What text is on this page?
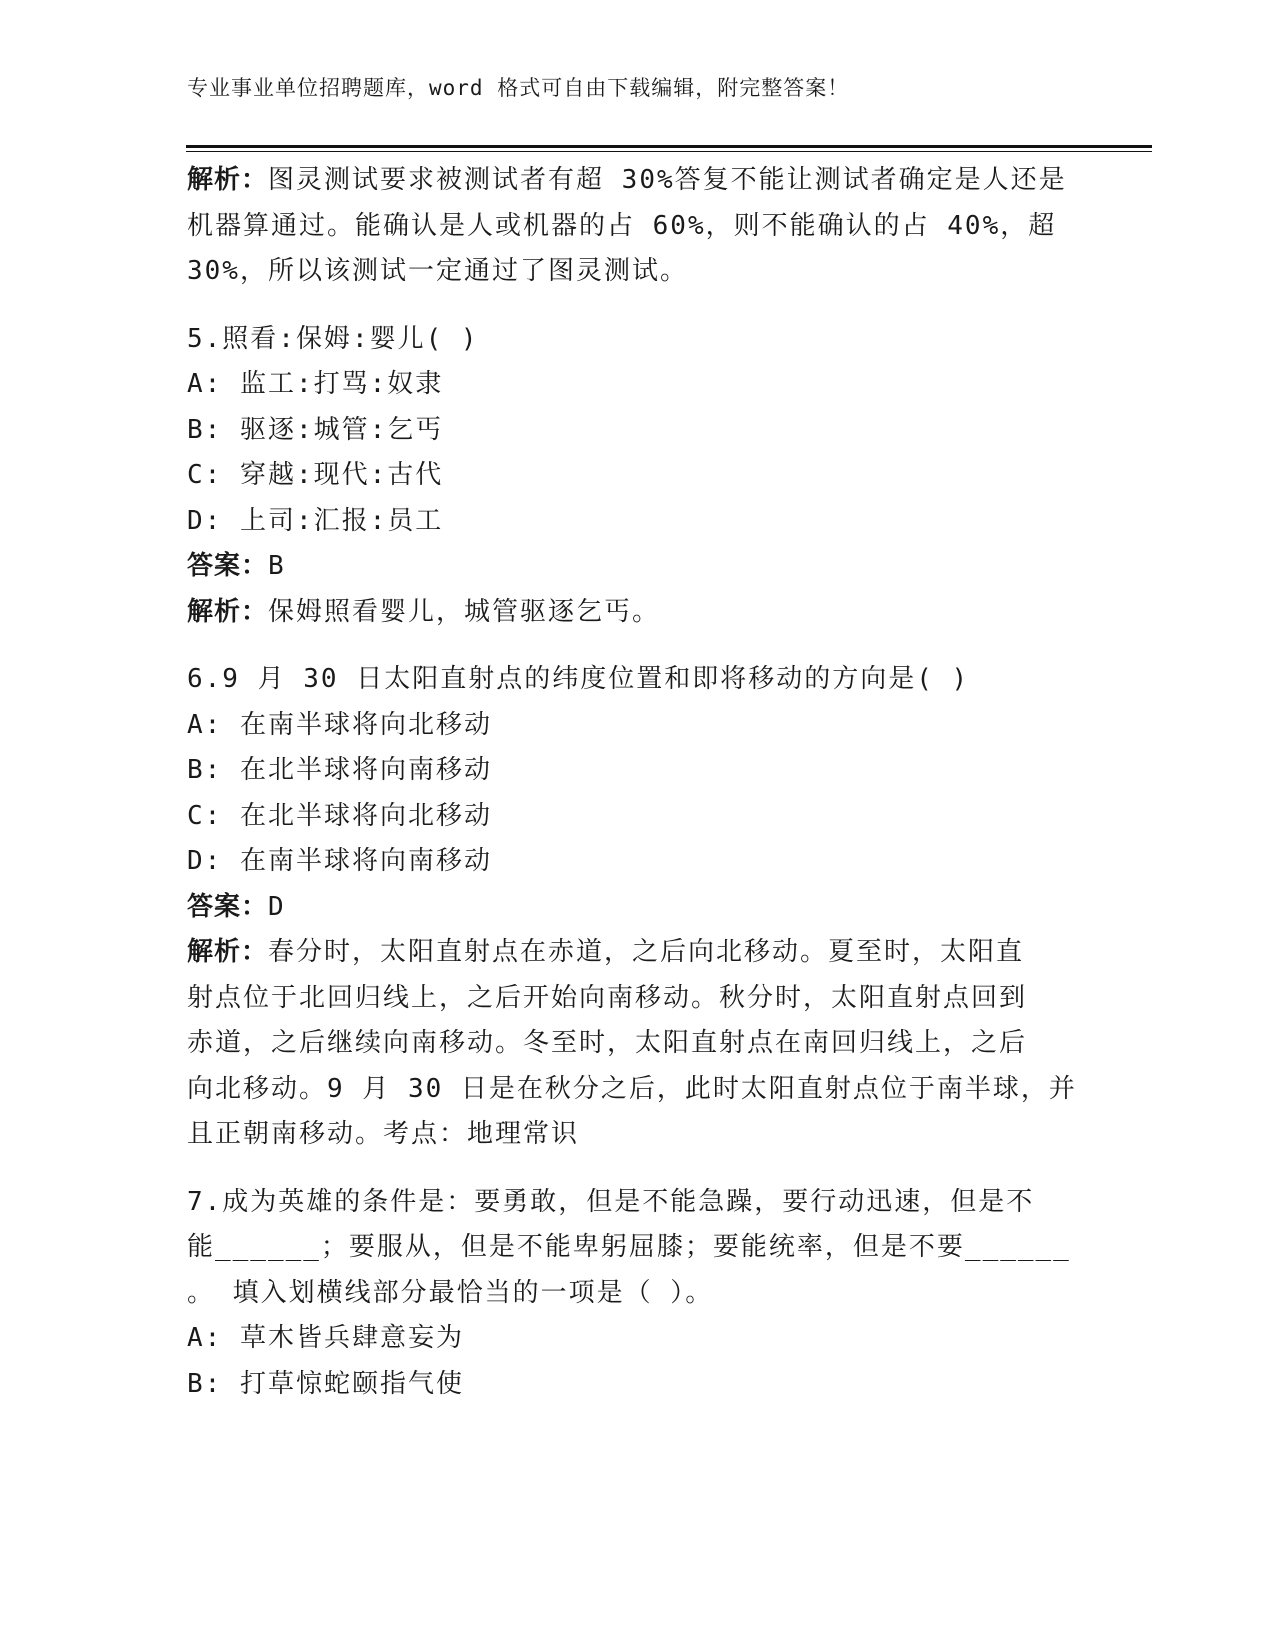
专业事业单位招聘题库，word 格式可自由下载编辑，附完整答案！
解析：图灵测试要求被测试者有超 30%答复不能让测试者确定是人还是
机器算通过。能确认是人或机器的占 60%，则不能确认的占 40%，超
30%，所以该测试一定通过了图灵测试。
5.照看:保姆:婴儿( )
A: 监工:打骂:奴隶
B: 驱逐:城管:乞丐
C: 穿越:现代:古代
D: 上司:汇报:员工
答案：B
解析：保姆照看婴儿，城管驱逐乞丐。
6.9 月 30 日太阳直射点的纬度位置和即将移动的方向是( )
A: 在南半球将向北移动
B: 在北半球将向南移动
C: 在北半球将向北移动
D: 在南半球将向南移动
答案：D
解析：春分时，太阳直射点在赤道，之后向北移动。夏至时，太阳直
射点位于北回归线上，之后开始向南移动。秋分时，太阳直射点回到
赤道，之后继续向南移动。冬至时，太阳直射点在南回归线上，之后
向北移动。9 月 30 日是在秋分之后，此时太阳直射点位于南半球，并
且正朝南移动。考点：地理常识
7.成为英雄的条件是：要勇敢，但是不能急躁，要行动迅速，但是不
能______；要服从，但是不能卑躬屈膝；要能统率，但是不要______
。 填入划横线部分最恰当的一项是（ ）。
A: 草木皆兵肆意妄为
B: 打草惊蛇颐指气使
